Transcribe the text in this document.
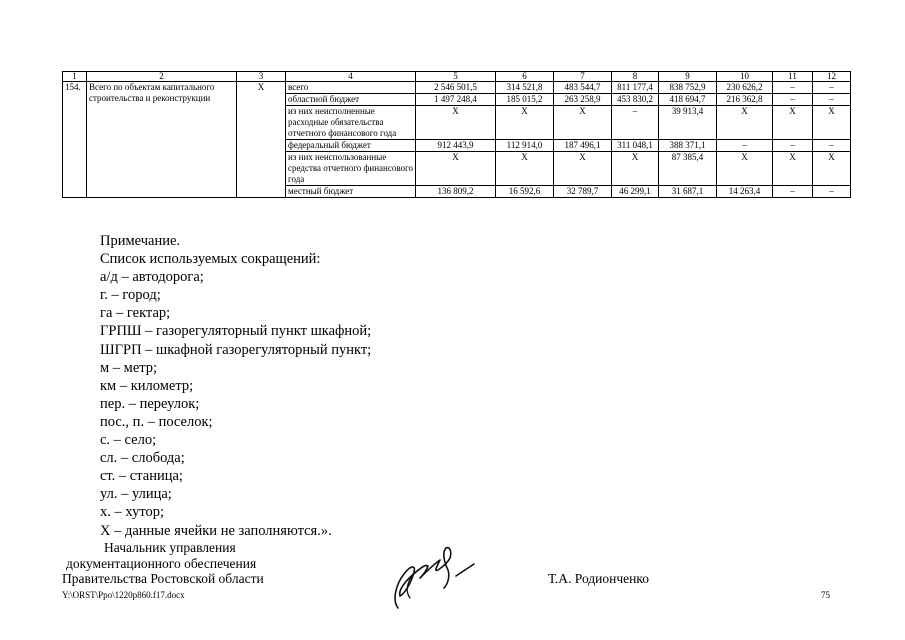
1	2	3	4	5	6	7	8	9	10	11	12
154.	Всего по объектам капитального строительства и реконструкции	X	всего	2 546 501,5	314 521,8	483 544,7	811 177,4	838 752,9	230 626,2	–	–
			областной бюджет	1 497 248,4	185 015,2	263 258,9	453 830,2	418 694,7	216 362,8	–	–
			из них неисполненные расходные обязательства отчетного финансового года	X	X	X	–	39 913,4	X	X	X
			федеральный бюджет	912 443,9	112 914,0	187 496,1	311 048,1	388 371,1	–	–	–
			из них неиспользованные средства отчетного финансового года	X	X	X	X	87 385,4	X	X	X
			местный бюджет	136 809,2	16 592,6	32 789,7	46 299,1	31 687,1	14 263,4	–	–
Примечание.
Список используемых сокращений:
а/д – автодорога;
г. – город;
га – гектар;
ГРПШ – газорегуляторный пункт шкафной;
ШГРП – шкафной газорегуляторный пункт;
м – метр;
км – километр;
пер. – переулок;
пос., п. – поселок;
с. – село;
сл. – слобода;
ст. – станица;
ул. – улица;
х. – хутор;
X – данные ячейки не заполняются.».
Начальник управления
документационного обеспечения
Правительства Ростовской области	Т.А. Родионченко
Y:\ORST\Ppo\1220p860.f17.docx	75
